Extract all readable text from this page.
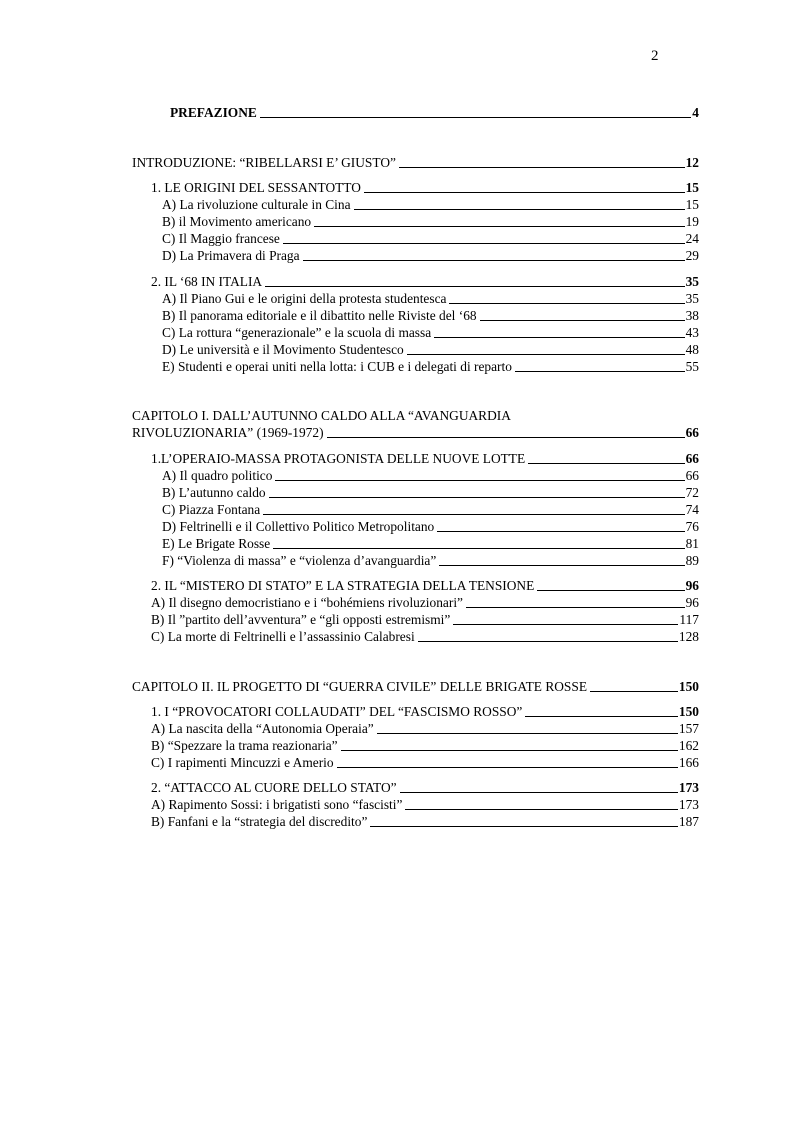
2
PREFAZIONE	4
INTRODUZIONE: “RIBELLARSI E’ GIUSTO”	12
1. LE ORIGINI DEL SESSANTOTTO	15
A) La rivoluzione culturale in Cina	15
B) il Movimento americano	19
C) Il Maggio francese	24
D) La Primavera di Praga	29
2. IL ‘68 IN ITALIA	35
A) Il Piano Gui e le origini della protesta studentesca	35
B) Il panorama editoriale e il dibattito nelle Riviste del ‘68	38
C) La rottura “generazionale” e la scuola di massa	43
D) Le università e il Movimento Studentesco	48
E) Studenti e operai uniti nella lotta: i CUB e i delegati di reparto	55
CAPITOLO I. DALL’AUTUNNO CALDO ALLA “AVANGUARDIA
RIVOLUZIONARIA” (1969-1972)	66
1.L’OPERAIO-MASSA PROTAGONISTA DELLE NUOVE LOTTE	66
A) Il quadro politico	66
B) L’autunno caldo	72
C) Piazza Fontana	74
D) Feltrinelli e il Collettivo Politico Metropolitano	76
E) Le Brigate Rosse	81
F) “Violenza di massa” e “violenza d’avanguardia”	89
2. IL “MISTERO DI STATO” E LA STRATEGIA DELLA TENSIONE	96
A) Il disegno democristiano e i “bohémiens rivoluzionari”	96
B) Il ”partito dell’avventura” e “gli opposti estremismi”	117
C) La morte di Feltrinelli e l’assassinio Calabresi	128
CAPITOLO II. IL PROGETTO DI “GUERRA CIVILE” DELLE BRIGATE ROSSE	150
1. I “PROVOCATORI COLLAUDATI” DEL “FASCISMO ROSSO”	150
A) La nascita della “Autonomia Operaia”	157
B) “Spezzare la trama reazionaria”	162
C) I rapimenti Mincuzzi e Amerio	166
2. “ATTACCO AL CUORE DELLO STATO”	173
A) Rapimento Sossi: i brigatisti sono “fascisti”	173
B) Fanfani e la “strategia del discredito”	187
